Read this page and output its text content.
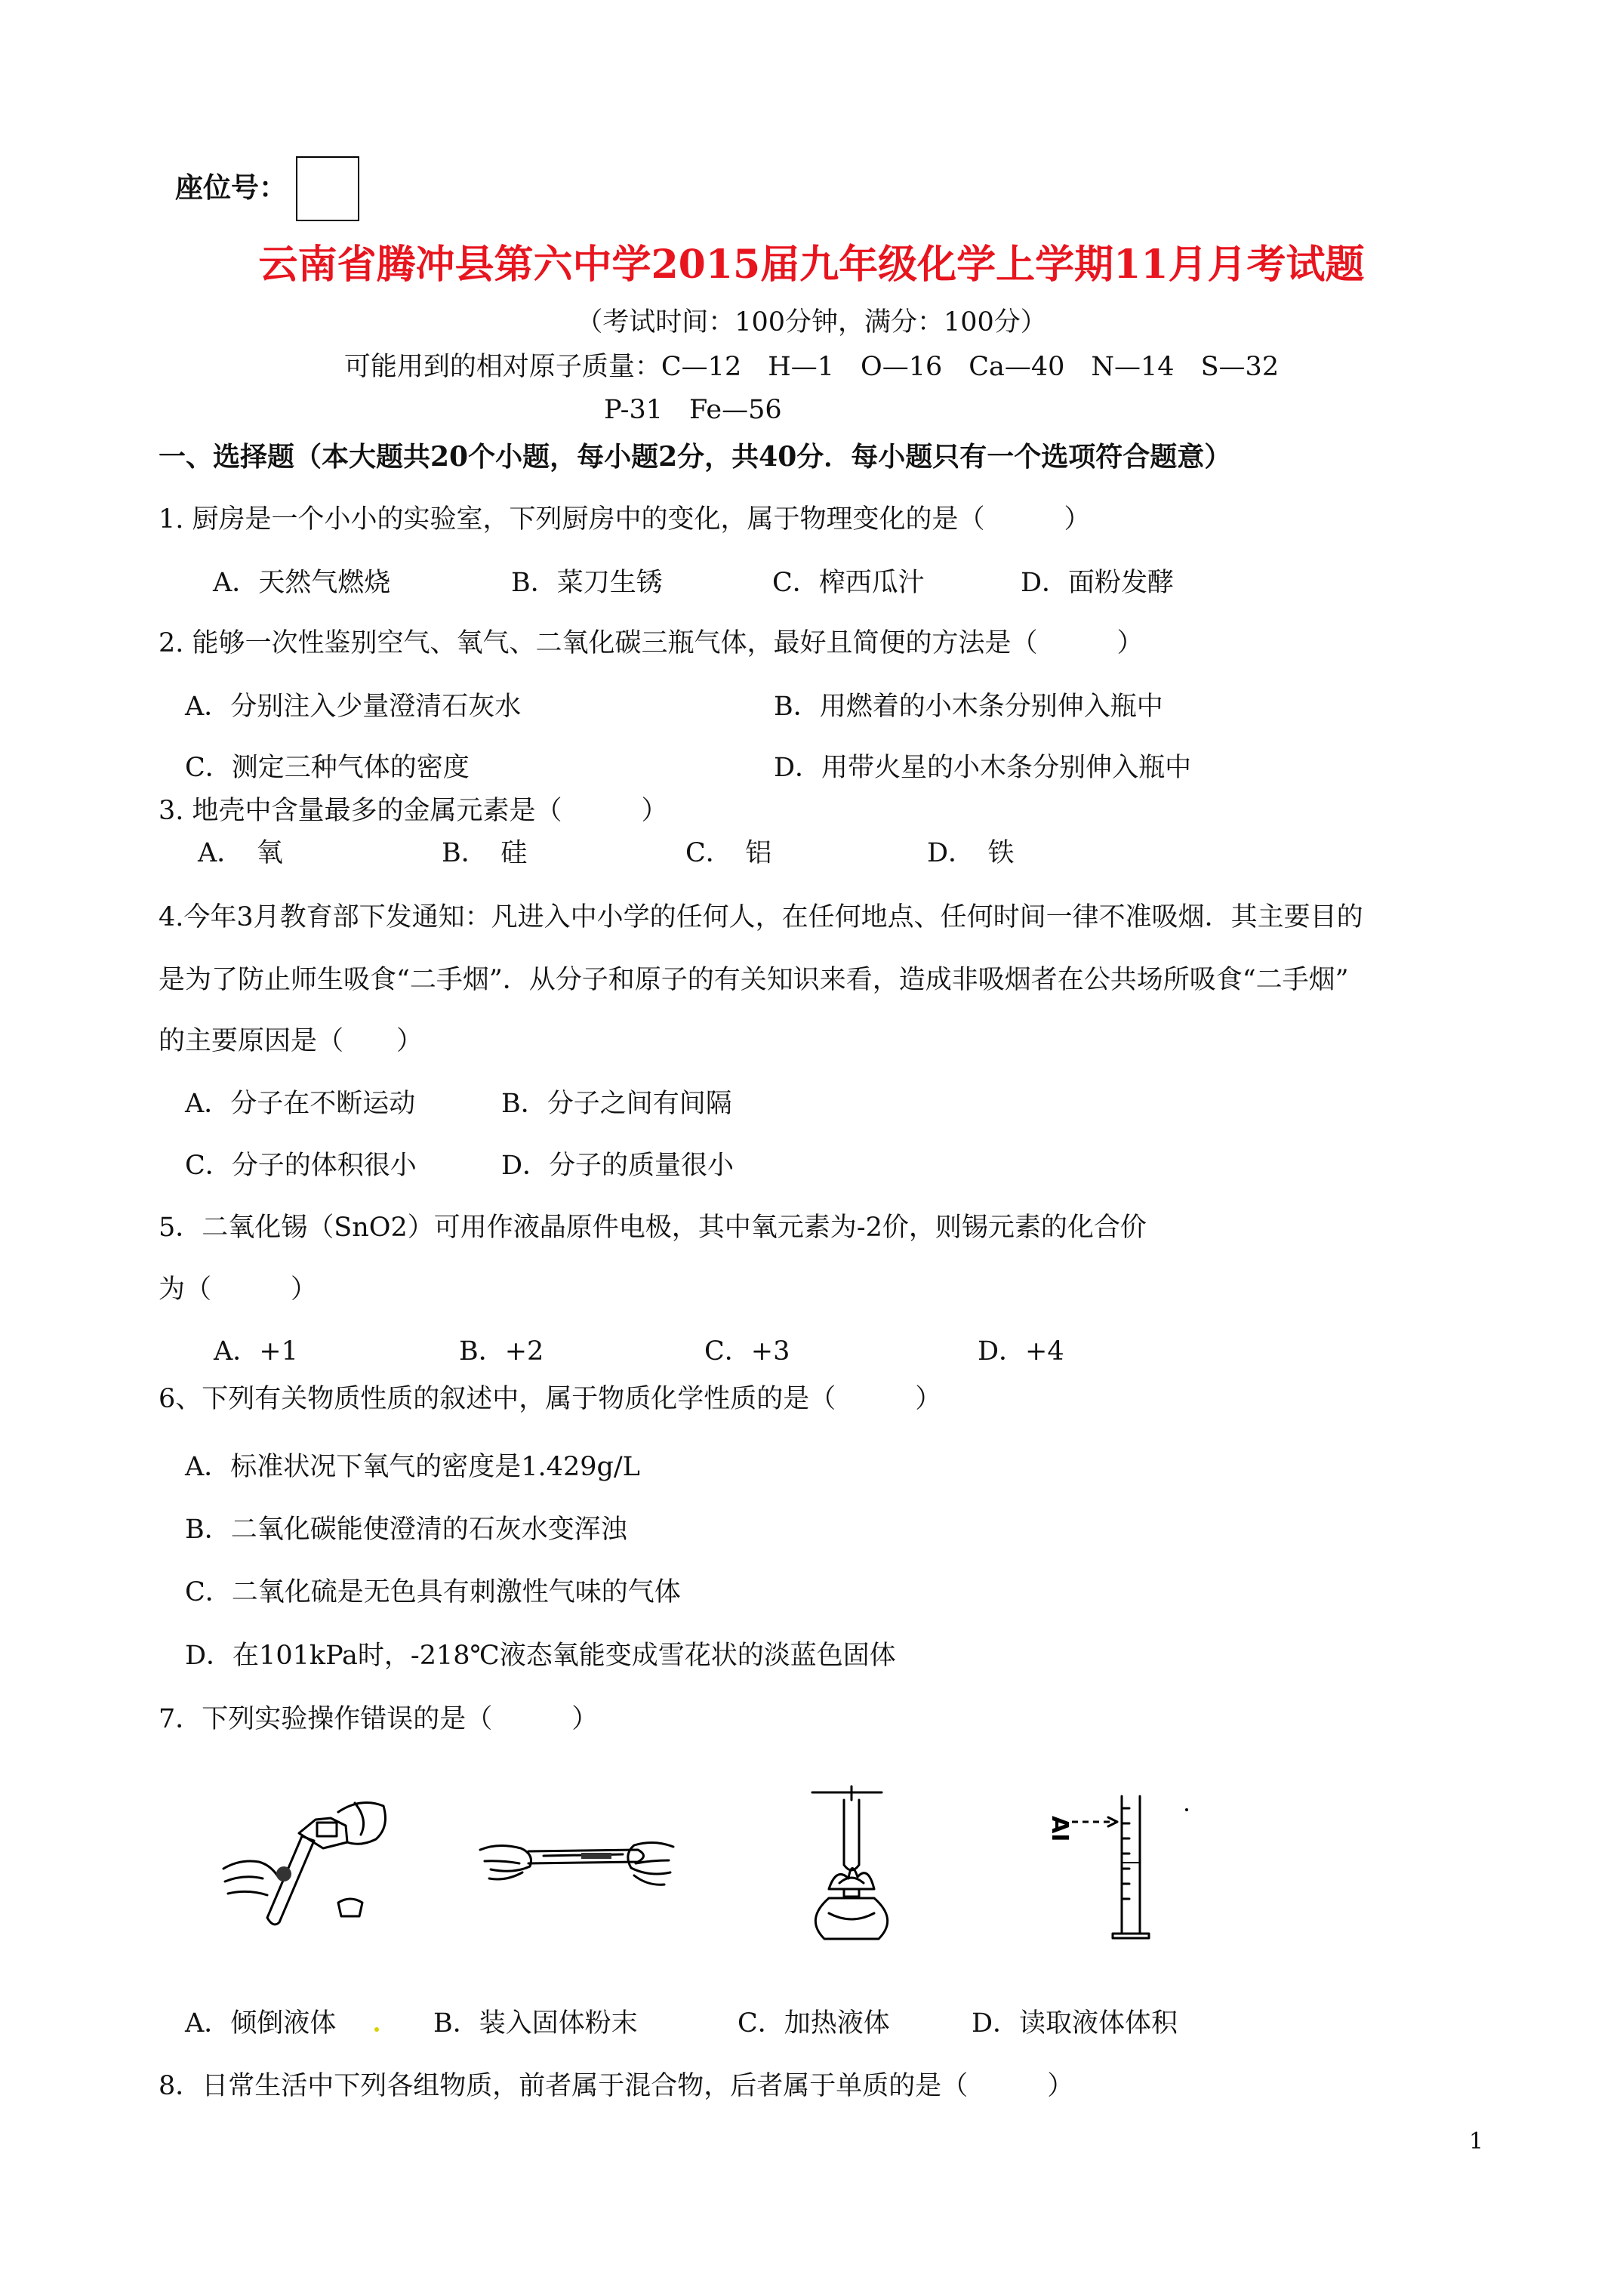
座位号：
云南省腾冲县第六中学2015届九年级化学上学期11月月考试题
（考试时间：100分钟，满分：100分）
可能用到的相对原子质量：C—12　H—1　O—16　Ca—40　N—14　S—32
P-31　Fe—56
一、选择题（本大题共20个小题，每小题2分，共40分．每小题只有一个选项符合题意）
1. 厨房是一个小小的实验室，下列厨房中的变化，属于物理变化的是（　　　）
A．天然气燃烧	B．菜刀生锈	C．榨西瓜汁	D．面粉发酵
2. 能够一次性鉴别空气、氧气、二氧化碳三瓶气体，最好且简便的方法是（　　　）
A．分别注入少量澄清石灰水	B．用燃着的小木条分别伸入瓶中
C．测定三种气体的密度	D．用带火星的小木条分别伸入瓶中
3. 地壳中含量最多的金属元素是（　　　）
A．　氧	B．　硅	C．　铝	D．　铁
4.今年3月教育部下发通知：凡进入中小学的任何人，在任何地点、任何时间一律不准吸烟．其主要目的
是为了防止师生吸食“二手烟”．从分子和原子的有关知识来看，造成非吸烟者在公共场所吸食“二手烟”
的主要原因是（　　）
A．分子在不断运动	B．分子之间有间隔
C．分子的体积很小	D．分子的质量很小
5．二氧化锡（SnO2）可用作液晶原件电极，其中氧元素为-2价，则锡元素的化合价
为（　　　）
A．+1	B．+2	C．+3	D．+4
6、下列有关物质性质的叙述中，属于物质化学性质的是（　　　）
A．标准状况下氧气的密度是1.429g/L
B．二氧化碳能使澄清的石灰水变浑浊
C．二氧化硫是无色具有刺激性气味的气体
D．在101kPa时，-218℃液态氧能变成雪花状的淡蓝色固体
7．下列实验操作错误的是（　　　）
AI
A．倾倒液体	B．装入固体粉末	C．加热液体	D．读取液体体积
8．日常生活中下列各组物质，前者属于混合物，后者属于单质的是（　　　）
1
